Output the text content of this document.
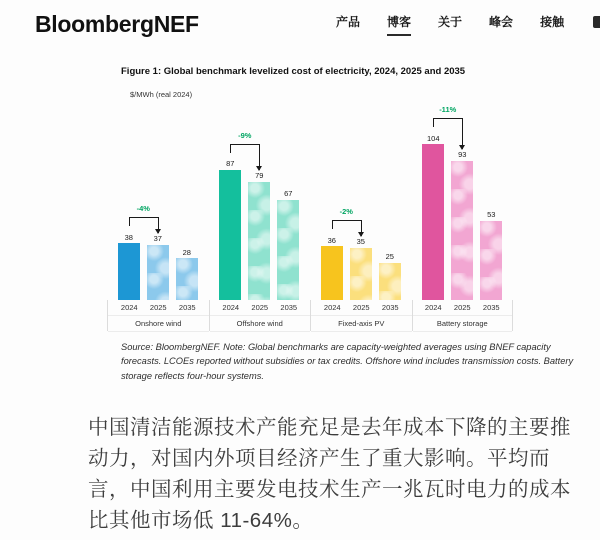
BloombergNEF	产品 博客 关于 峰会 接触
Figure 1: Global benchmark levelized cost of electricity, 2024, 2025 and 2035
$/MWh (real 2024)
38	37
28
-4%
2024	2025	2035
Onshore wind
87
79
67
-9%
2024	2025	2035
Offshore wind
36	35
25
-2%
2024	2025	2035
Fixed-axis PV
104
93
53
-11%
2024	2025	2035
Battery storage

Source: BloombergNEF. Note: Global benchmarks are capacity-weighted averages using BNEF capacity forecasts. LCOEs reported without subsidies or tax credits. Offshore wind includes transmission costs. Battery storage reflects four-hour systems.

中国清洁能源技术产能充足是去年成本下降的主要推动力，对国内外项目经济产生了重大影响。平均而言，中国利用主要发电技术生产一兆瓦时电力的成本比其他市场低 11-64%。
